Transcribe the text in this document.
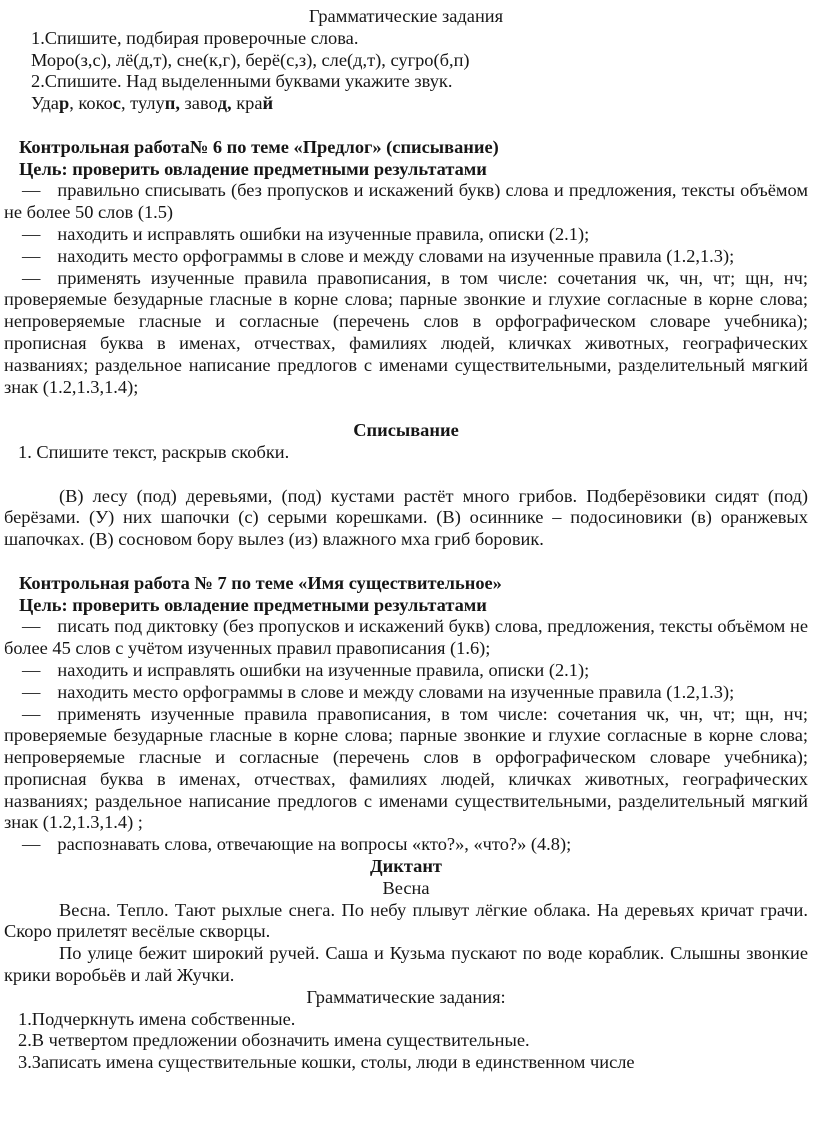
Грамматические задания

1.Спишите, подбирая проверочные слова.

Моро(з,с), лё(д,т), сне(к,г), берё(с,з), сле(д,т), сугро(б,п)

2.Спишите. Над выделенными буквами укажите звук.

Удар, кокос, тулуп, завод, край

Контрольная работа№ 6 по теме «Предлог» (списывание)

Цель: проверить овладение предметными результатами

— правильно списывать (без пропусков и искажений букв) слова и предложения, тексты объёмом не более 50 слов (1.5)

— находить и исправлять ошибки на изученные правила, описки (2.1);

— находить место орфограммы в слове и между словами на изученные правила (1.2,1.3);

— применять изученные правила правописания, в том числе: сочетания чк, чн, чт; щн, нч; проверяемые безударные гласные в корне слова; парные звонкие и глухие согласные в корне слова; непроверяемые гласные и согласные (перечень слов в орфографическом словаре учебника); прописная буква в именах, отчествах, фамилиях людей, кличках животных, географических названиях; раздельное написание предлогов с именами существительными, разделительный мягкий знак (1.2,1.3,1.4);

Списывание

1. Спишите текст, раскрыв скобки.

(В) лесу (под) деревьями, (под) кустами растёт много грибов. Подберёзовики сидят (под) берёзами. (У) них шапочки (с) серыми корешками. (В) осиннике – подосиновики (в) оранжевых шапочках. (В) сосновом бору вылез (из) влажного мха гриб боровик.

Контрольная работа № 7 по теме «Имя существительное»

Цель: проверить овладение предметными результатами

— писать под диктовку (без пропусков и искажений букв) слова, предложения, тексты объёмом не более 45 слов с учётом изученных правил правописания (1.6);

— находить и исправлять ошибки на изученные правила, описки (2.1);

— находить место орфограммы в слове и между словами на изученные правила (1.2,1.3);

— применять изученные правила правописания, в том числе: сочетания чк, чн, чт; щн, нч; проверяемые безударные гласные в корне слова; парные звонкие и глухие согласные в корне слова; непроверяемые гласные и согласные (перечень слов в орфографическом словаре учебника); прописная буква в именах, отчествах, фамилиях людей, кличках животных, географических названиях; раздельное написание предлогов с именами существительными, разделительный мягкий знак (1.2,1.3,1.4) ;

— распознавать слова, отвечающие на вопросы «кто?», «что?» (4.8);

Диктант

Весна

Весна. Тепло. Тают рыхлые снега. По небу плывут лёгкие облака. На деревьях кричат грачи. Скоро прилетят весёлые скворцы.

По улице бежит широкий ручей. Саша и Кузьма пускают по воде кораблик. Слышны звонкие крики воробьёв и лай Жучки.

Грамматические задания:

1.Подчеркнуть имена собственные.

2.В четвертом предложении обозначить имена существительные.

3.Записать имена существительные кошки, столы, люди в единственном числе
